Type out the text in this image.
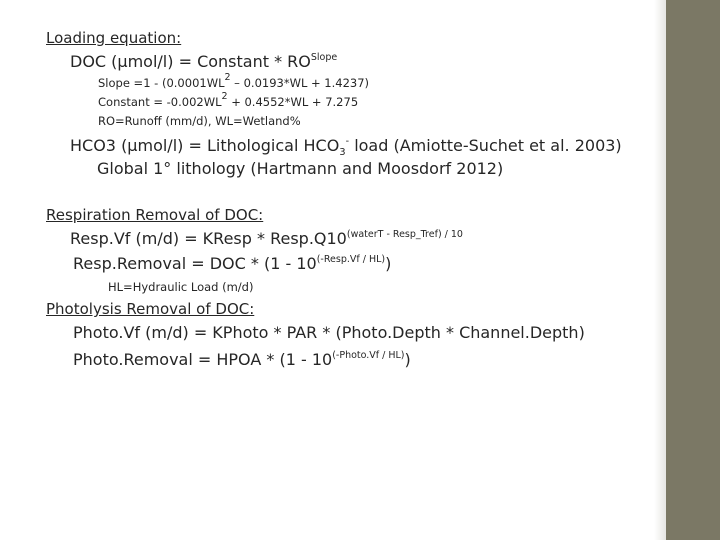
Loading equation:
DOC (µmol/l) = Constant * $RO^{Slope}$
Slope $=1 - (0.0001WL^2 - 0.0193*WL + 1.4237)$
Constant = $-0.002WL^2 + 0.4552*WL + 7.275$
RO=Runoff (mm/d), WL=Wetland%
HCO3 (µmol/l) = Lithological $HCO_3^-$ load (Amiotte-Suchet et al. 2003)
Global 1° lithology (Hartmann and Moosdorf 2012)
Respiration Removal of DOC:
Resp.Vf (m/d) = KResp * $Resp.Q10^{(waterT - Resp\_Tref) / 10}$
Resp.Removal = DOC * $(1 - 10^{(-Resp.Vf / HL)})$
HL=Hydraulic Load (m/d)
Photolysis Removal of DOC:
Photo.Vf (m/d) = KPhoto * PAR * (Photo.Depth * Channel.Depth)
Photo.Removal = HPOA * $(1 - 10^{(-Photo.Vf / HL)})$
